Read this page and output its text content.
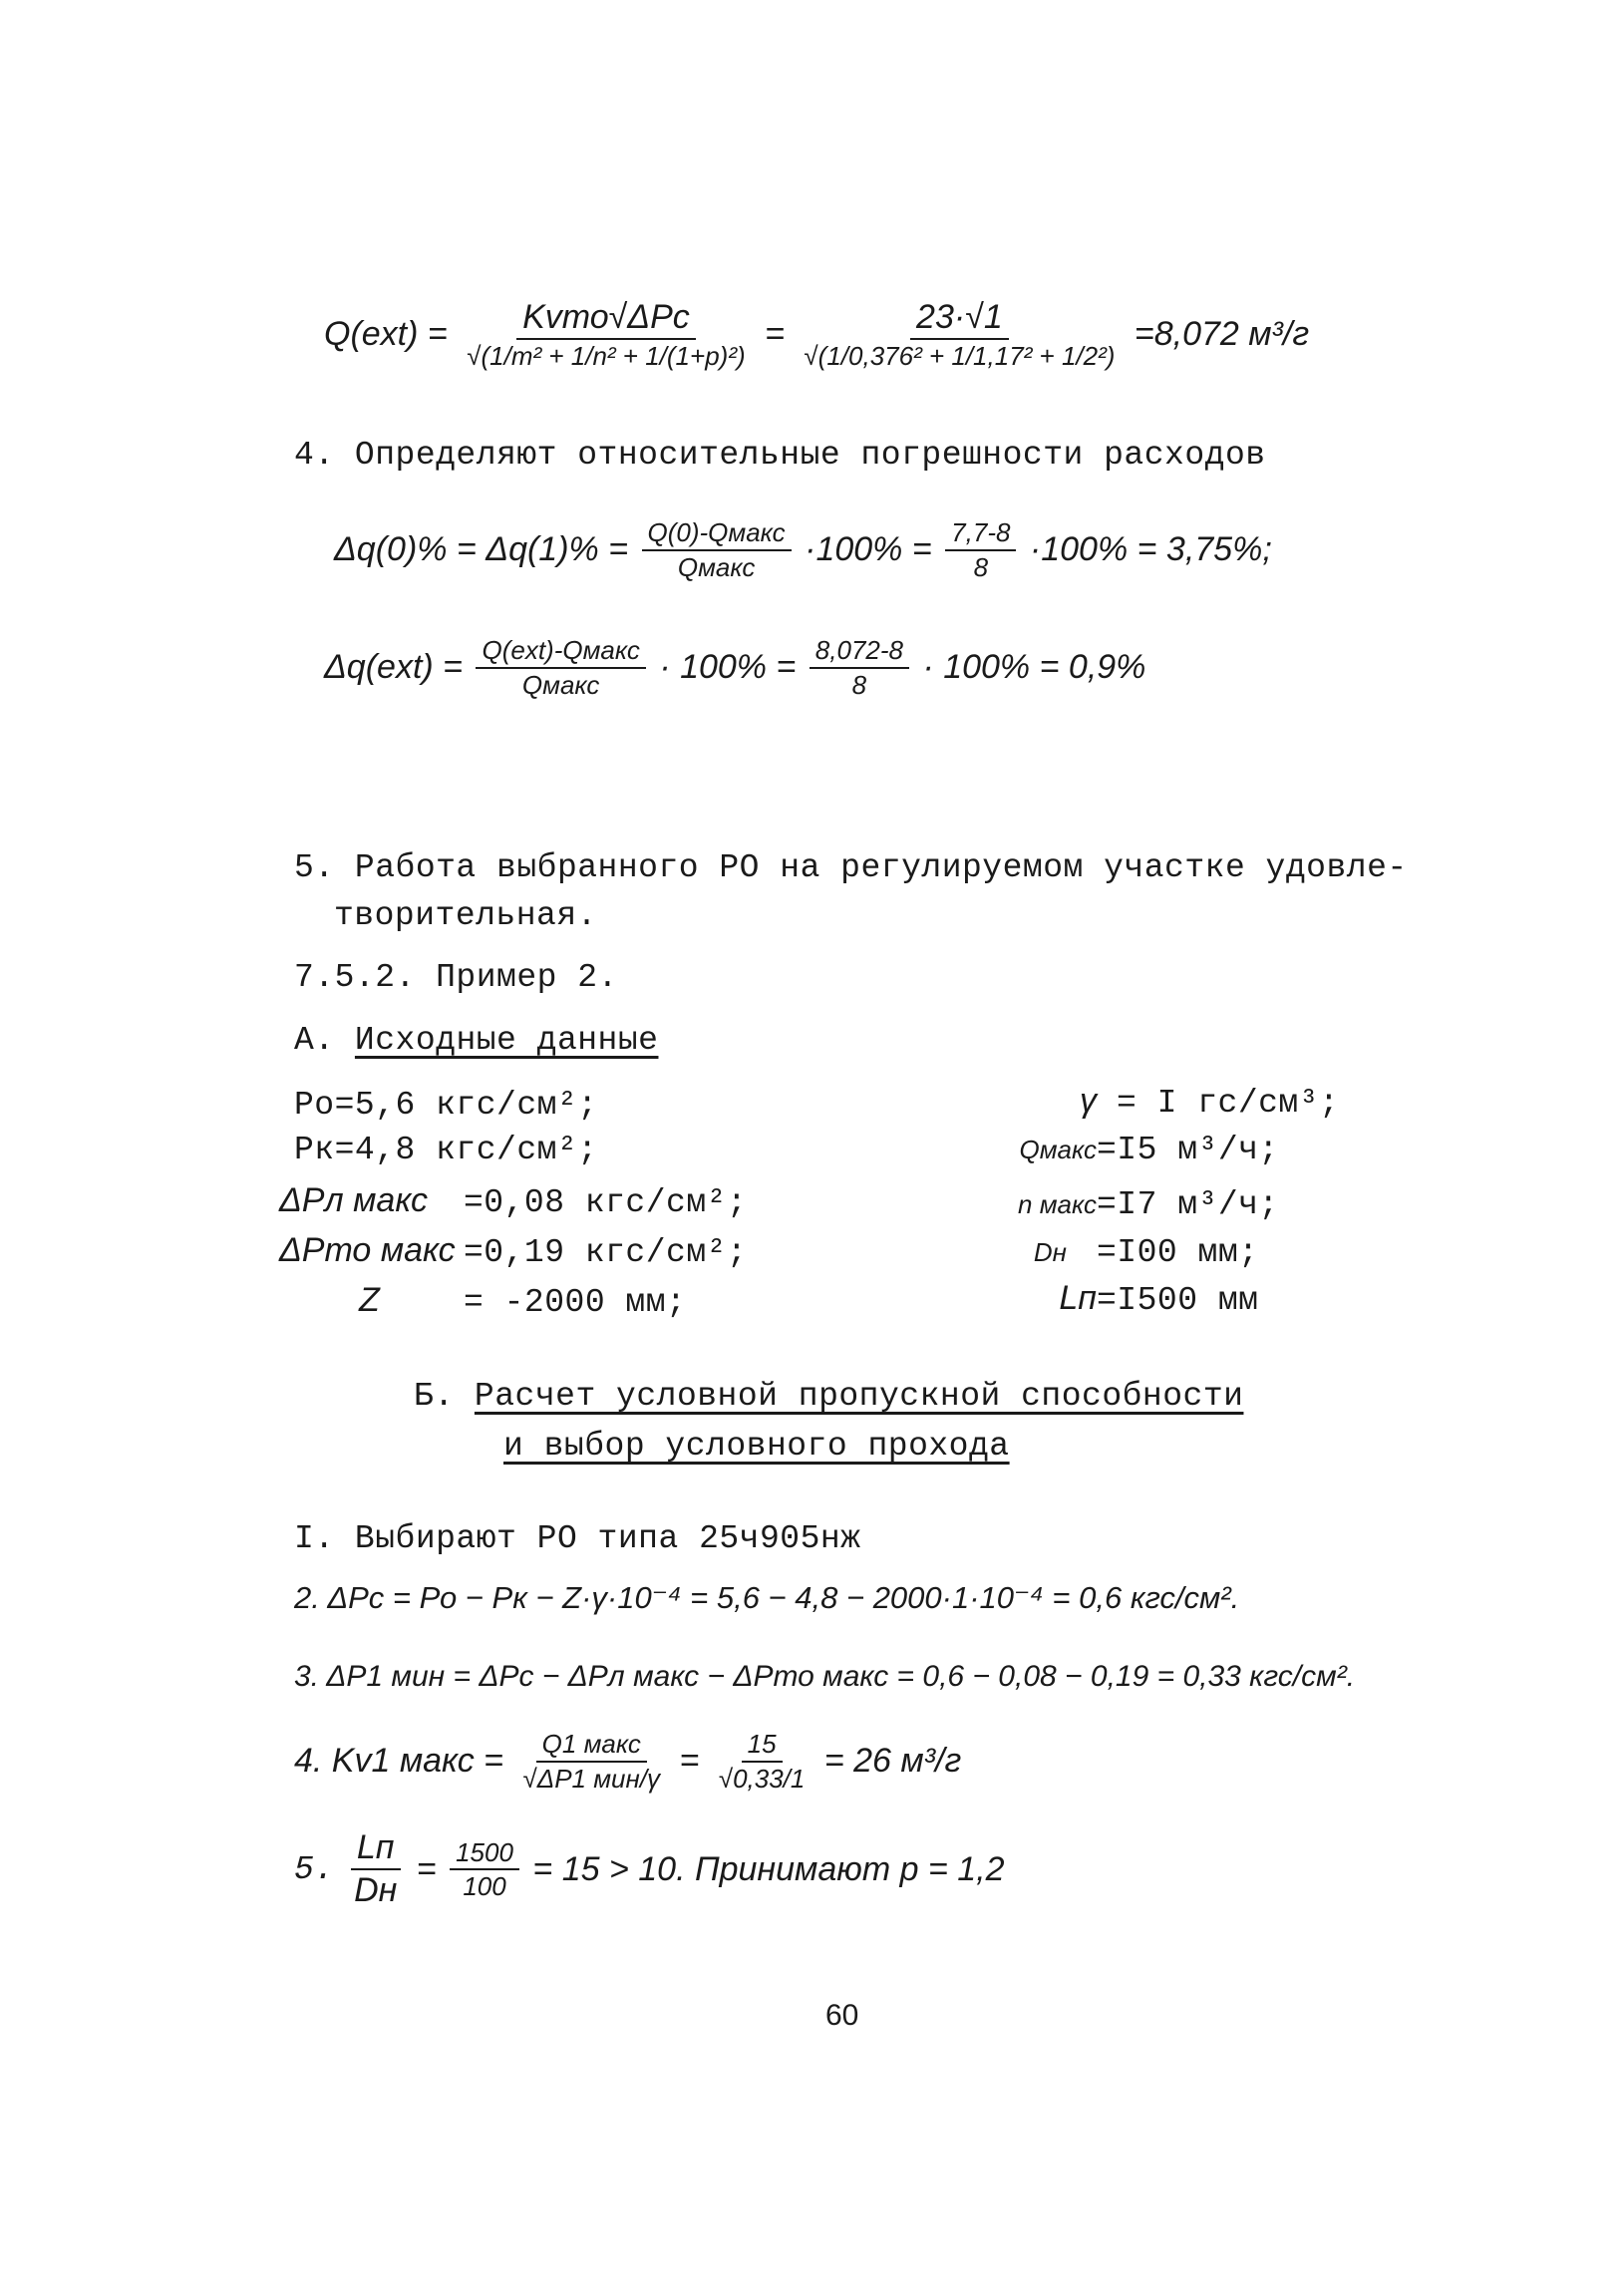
$Q(ext) = \frac{\text{Kvто√ΔPc}}{\text{√(1/m² + 1/n² + 1/(1+p)²)}} = \frac{23\cdot√1}{\text{√(1/0,376² + 1/1,17² + 1/2²)}} =8,072$ м³/г
4. Определяют относительные погрешности расходов
$\Delta q(0)\% = \Delta q(1)\% = \frac{\text{Q(0)-Qмакс}}{\text{Qмакс}} \cdot 100\% = \frac{7,7-8}{8} \cdot 100\% = 3,75\%$;
$\Delta q(ext) = \frac{\text{Q(ext)-Qмакс}}{\text{Qмакс}} \cdot 100\% = \frac{8,072-8}{8} \cdot 100\% = 0,9\%$
5. Работа выбранного РО на регулируемом участке удовле-
творительная.
7.5.2. Пример 2.
А. Исходные данные
Ро=5,6 кгс/см²;
Рк=4,8 кгс/см²;
ΔРл макс =0,08 кгс/см²;
ΔРто макс =0,19 кгс/см²;
Z	= -2000 мм;
γ = I гс/см³;
Qмакс=I5 м³/ч;
n макс=I7 м³/ч;
Dн =I00 мм;
Lп=I500 мм
Б. Расчет условной пропускной способности
и выбор условного прохода
I. Выбирают РО типа 25ч905нж
2. ΔРс = Ро − Рк − Z·γ·10⁻⁴ = 5,6 − 4,8 − 2000·1·10⁻⁴ = 0,6 кгс/см².
3. ΔР1 мин = ΔРс − ΔРл макс − ΔРто макс = 0,6 − 0,08 − 0,19 = 0,33 кгс/см².
4. Kv1 макс = $\frac{\text{Q1 макс}}{\text{√ΔР1 мин/γ}} = \frac{15}{√0,33/1} = 26$ м³/г
5. $\frac{Lп}{Dн} = \frac{1500}{100} = 15 > 10$. Принимают p = 1,2
60
